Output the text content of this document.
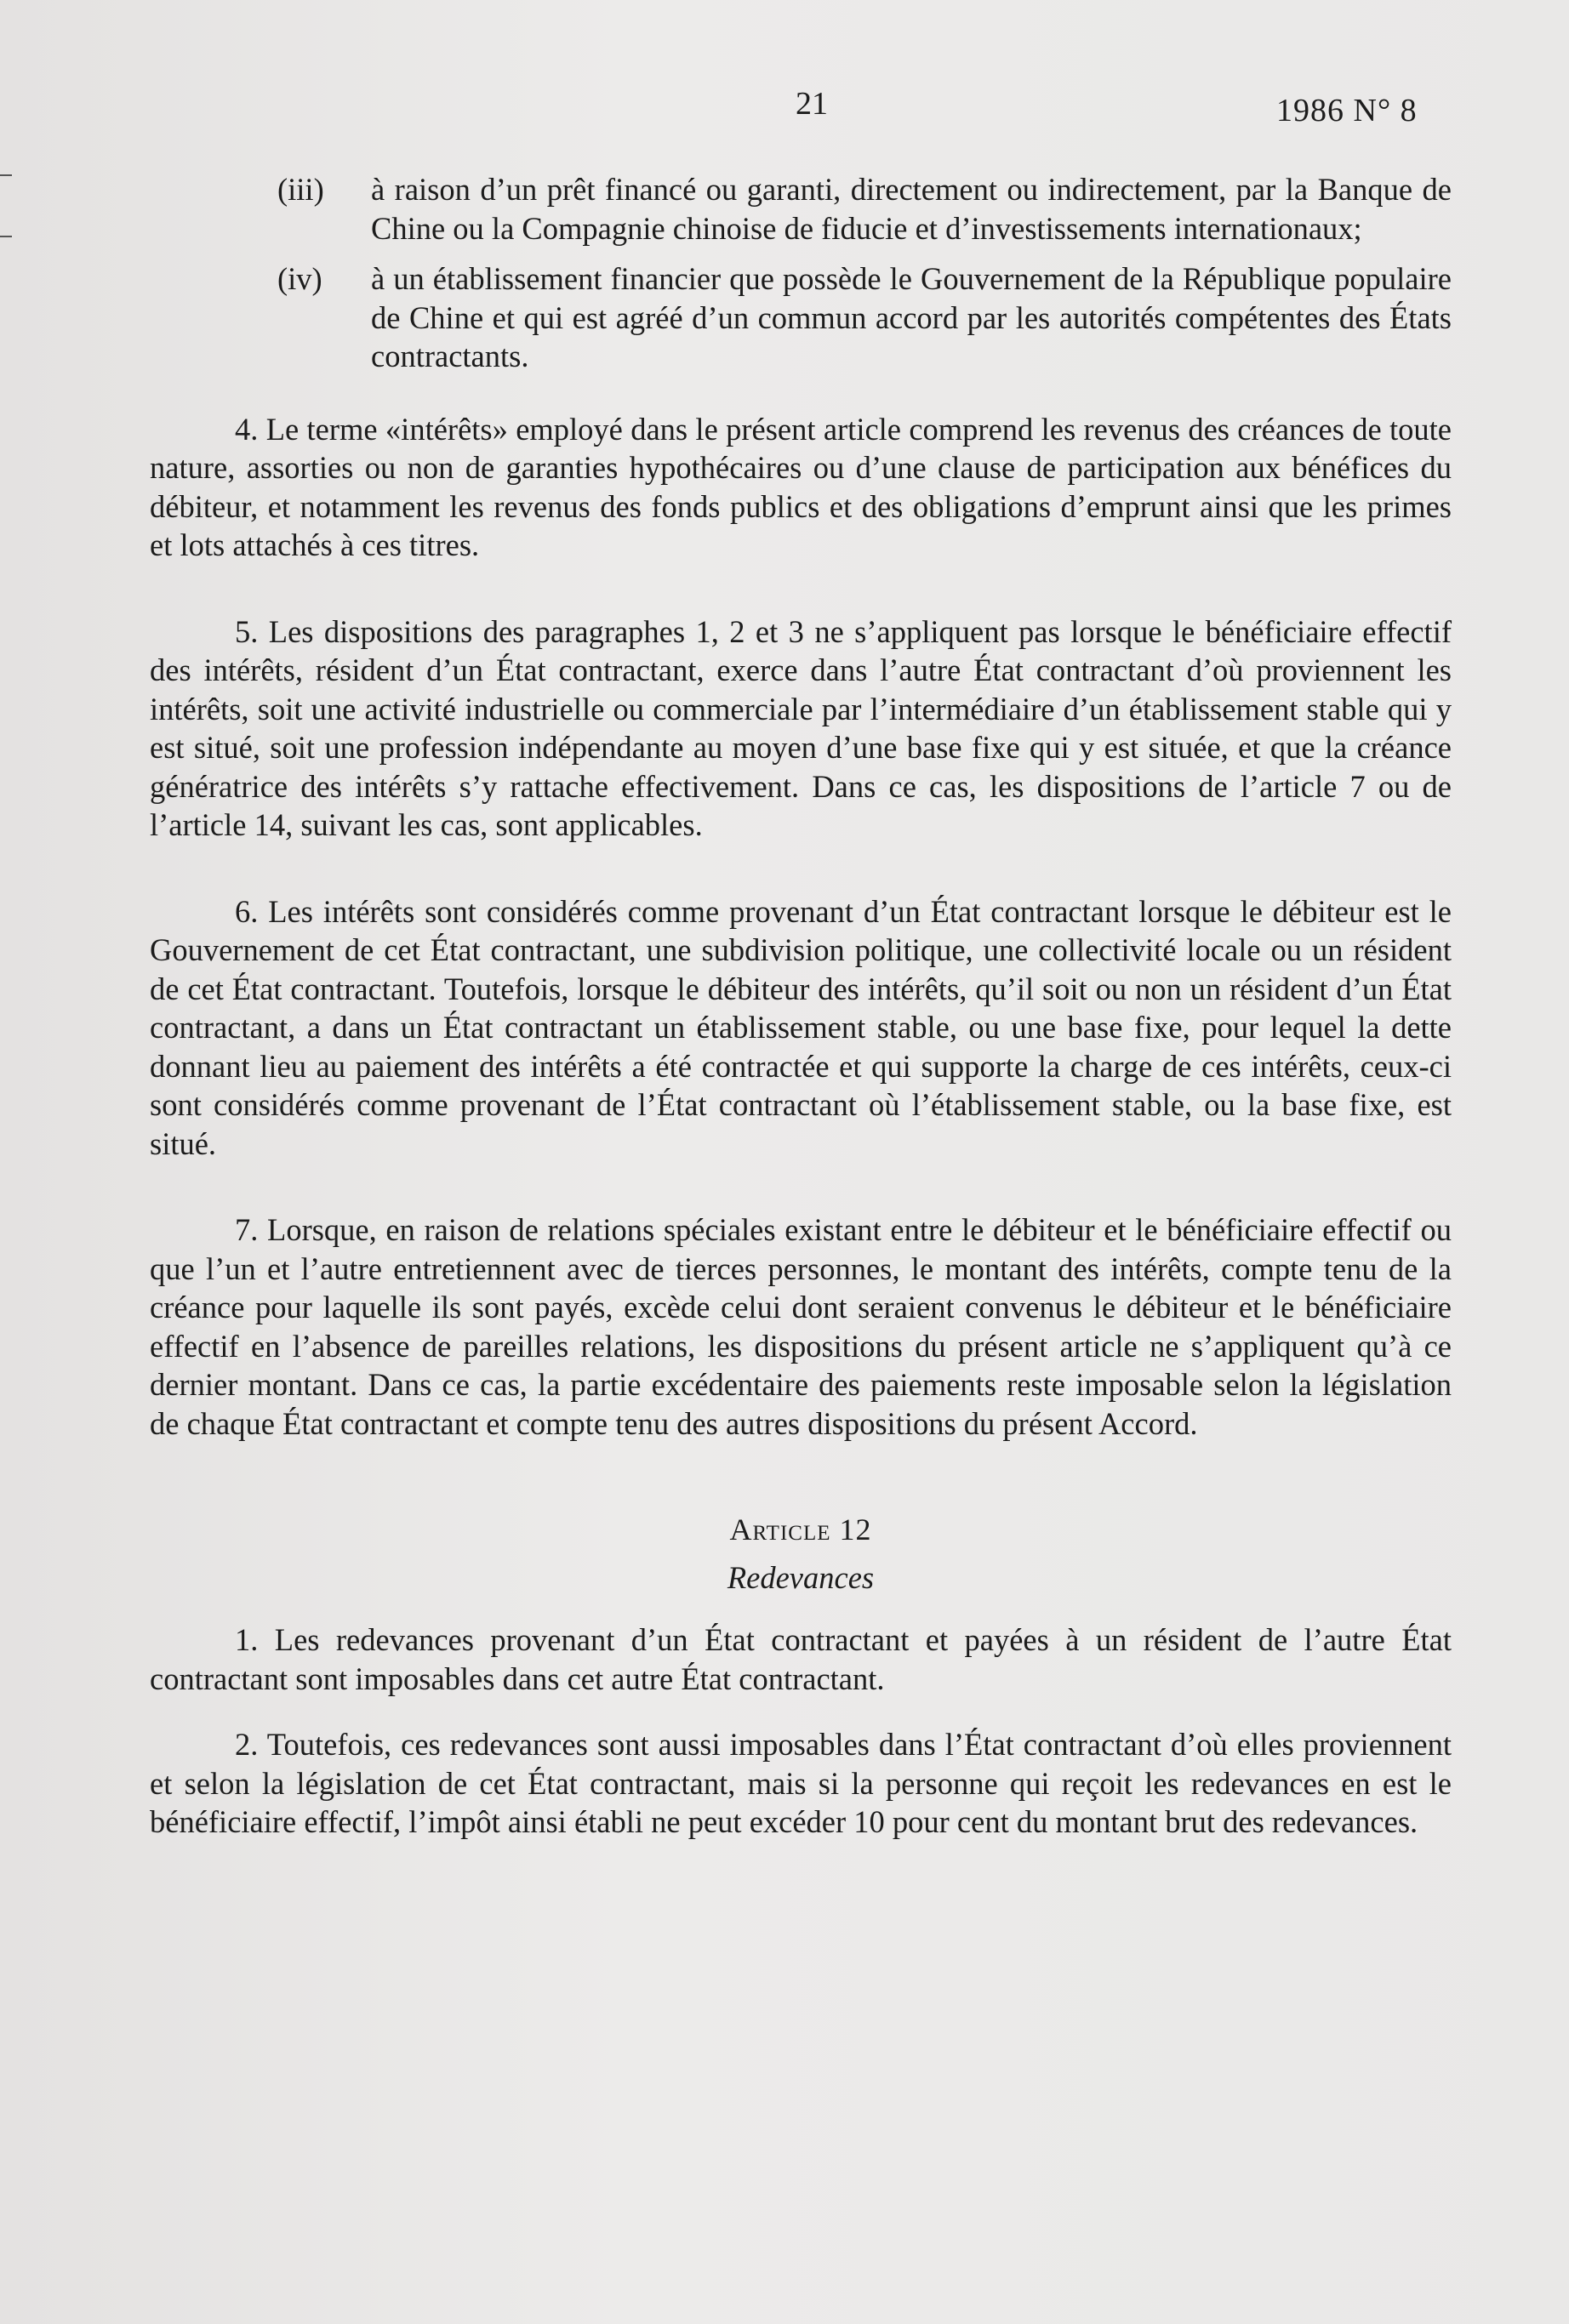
21	1986 N° 8
(iii)	à raison d’un prêt financé ou garanti, directement ou indirectement, par la Banque de Chine ou la Compagnie chinoise de fiducie et d’investissements internationaux;

(iv)	à un établissement financier que possède le Gouvernement de la République populaire de Chine et qui est agréé d’un commun accord par les autorités compétentes des États contractants.

4. Le terme «intérêts» employé dans le présent article comprend les revenus des créances de toute nature, assorties ou non de garanties hypothécaires ou d’une clause de participation aux bénéfices du débiteur, et notamment les revenus des fonds publics et des obligations d’emprunt ainsi que les primes et lots attachés à ces titres.

5. Les dispositions des paragraphes 1, 2 et 3 ne s’appliquent pas lorsque le bénéficiaire effectif des intérêts, résident d’un État contractant, exerce dans l’autre État contractant d’où proviennent les intérêts, soit une activité industrielle ou commerciale par l’intermédiaire d’un établissement stable qui y est situé, soit une profession indépendante au moyen d’une base fixe qui y est située, et que la créance génératrice des intérêts s’y rattache effectivement. Dans ce cas, les dispositions de l’article 7 ou de l’article 14, suivant les cas, sont applicables.

6. Les intérêts sont considérés comme provenant d’un État contractant lorsque le débiteur est le Gouvernement de cet État contractant, une subdivision politique, une collectivité locale ou un résident de cet État contractant. Toutefois, lorsque le débiteur des intérêts, qu’il soit ou non un résident d’un État contractant, a dans un État contractant un établissement stable, ou une base fixe, pour lequel la dette donnant lieu au paiement des intérêts a été contractée et qui supporte la charge de ces intérêts, ceux-ci sont considérés comme provenant de l’État contractant où l’établissement stable, ou la base fixe, est situé.

7. Lorsque, en raison de relations spéciales existant entre le débiteur et le bénéficiaire effectif ou que l’un et l’autre entretiennent avec de tierces personnes, le montant des intérêts, compte tenu de la créance pour laquelle ils sont payés, excède celui dont seraient convenus le débiteur et le bénéficiaire effectif en l’absence de pareilles relations, les dispositions du présent article ne s’appliquent qu’à ce dernier montant. Dans ce cas, la partie excédentaire des paiements reste imposable selon la législation de chaque État contractant et compte tenu des autres dispositions du présent Accord.

Article 12

Redevances

1. Les redevances provenant d’un État contractant et payées à un résident de l’autre État contractant sont imposables dans cet autre État contractant.

2. Toutefois, ces redevances sont aussi imposables dans l’État contractant d’où elles proviennent et selon la législation de cet État contractant, mais si la personne qui reçoit les redevances en est le bénéficiaire effectif, l’impôt ainsi établi ne peut excéder 10 pour cent du montant brut des redevances.
